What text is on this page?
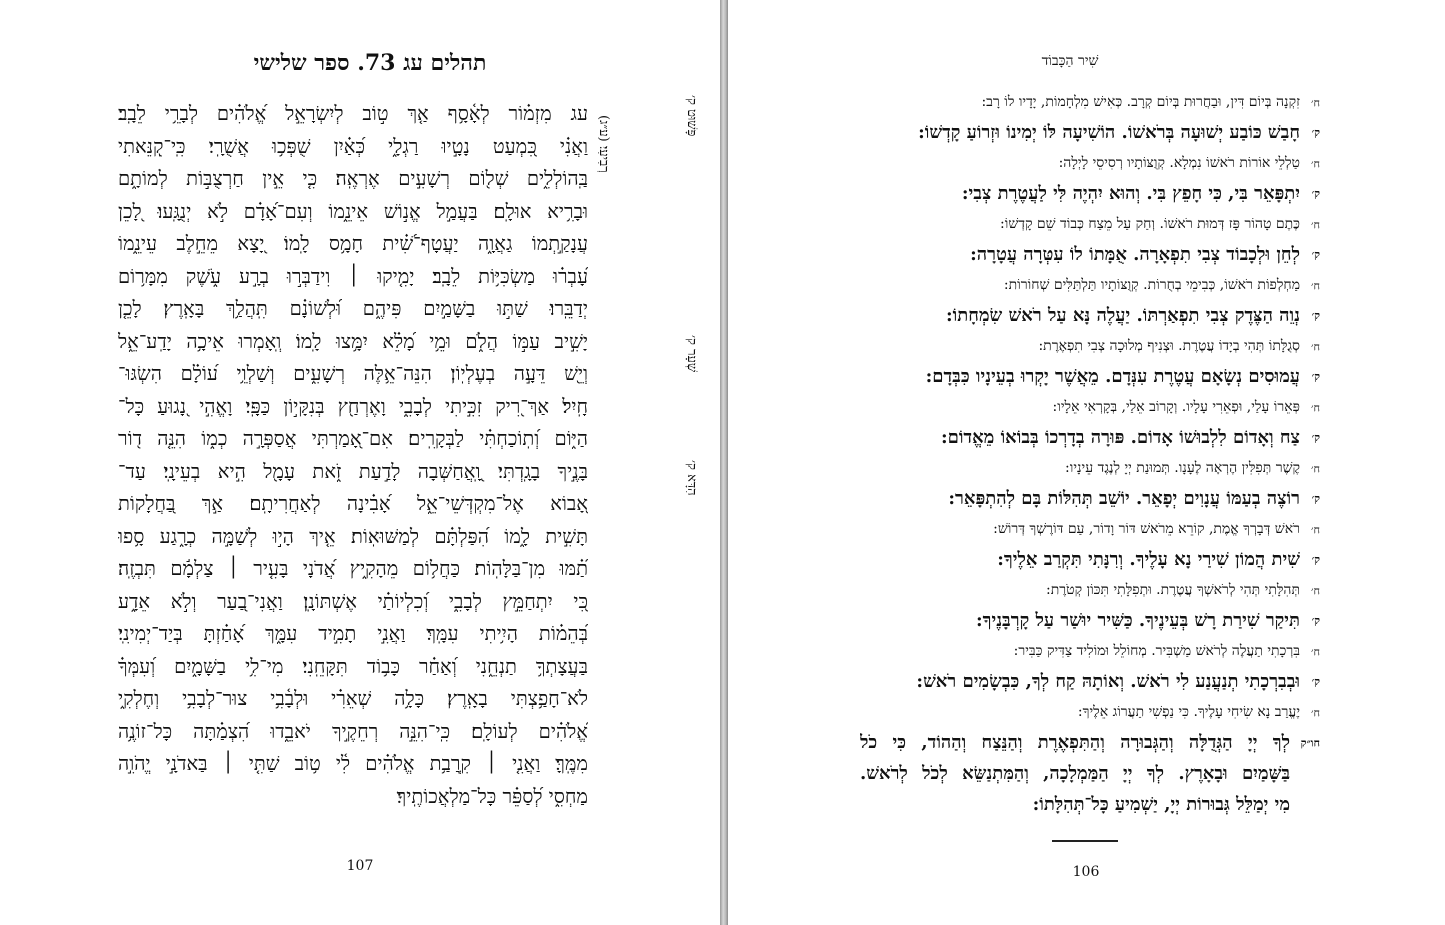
תהלים עג 73. ספר שלישי
עג מִזְמ֗וֹר לְאָ֫סָ֥ף אַ֤ךְ ט֣וֹב לְיִשְׂרָאֵ֣ל אֱ֝לֹהִ֗ים לְבָרֵ֥י לֵבָֽב׃
וַאֲנִ֗י כִּ֭מְעַט נָטָ֣יוּ רַגְלָ֑י כְּ֝אַ֗יִן שֻׁפְּכ֥וּ אֲשֻׁרָֽי׃ כִּֽי־קִ֭נֵּאתִי
בַּֽהוֹלְלִ֑ים שְׁל֖וֹם רְשָׁעִ֣ים אֶרְאֶֽה׃ כִּ֤י אֵ֣ין חַרְצֻבּ֣וֹת לְמוֹתָ֑ם
וּבָרִ֥יא אוּלָֽם׃ בַּעֲמַ֣ל אֱנ֣וֹשׁ אֵינֵ֑מוֹ וְעִם־אָ֝דָ֗ם לֹ֣א יְנֻגָּֽעוּ׃ לָ֭כֵן
עֲנָקַ֣תְמוֹ גַאֲוָ֑ה יַעֲטָף־שִׁ֝֗ית חָמָ֥ס לָֽמוֹ׃ יָ֭צָא מֵחֵ֣לֶב עֵינֵ֑מוֹ
עָ֝בְר֗וּ מַשְׂכִּיּ֥וֹת לֵבָֽב׃ יָמִ֤יקוּ ׀ וִידַבְּר֣וּ בְרָ֣ע עֹ֑שֶׁק מִמָּר֥וֹם
יְדַבֵּֽרוּ׃ שַׁתּ֣וּ בַשָּׁמַ֣יִם פִּיהֶ֑ם וּ֝לְשׁוֹנָ֗ם תִּֽהֲלַ֥ךְ בָּאָֽרֶץ׃ לָכֵ֤ן
יָשִׁ֣יב עַמּ֣וֹ הֲלֹ֑ם וּמֵ֥י מָ֝לֵ֗א יִמָּ֥צוּ לָֽמוֹ׃ וְֽאָמְרוּ אֵיכָ֥ה יָדַֽע־אֵ֑ל
וְיֵ֖שׁ דֵּעָ֣ה בְעֶלְיֽוֹן׃ הִנֵּה־אֵ֥לֶּה רְשָׁעִ֑ים וְשַׁלְוֵ֥י ע֝וֹלָ֗ם הִשְׂגּוּ־
חָֽיִל׃ אַךְ־רִ֭יק זִכִּ֣יתִי לְבָבִ֑י וָאֶרְחַ֖ץ בְּנִקָּי֣וֹן כַּפָּֽי׃ וָאֱהִ֣י נָ֭גוּעַ כָּל־
הַיּ֑וֹם וְ֝תֽוֹכַחְתִּ֗י לַבְּקָרִֽים׃ אִם־אָ֭מַרְתִּי אֲסַפְּרָ֣ה כְמ֑וֹ הִנֵּ֤ה ד֖וֹר
בָּנֶ֣יךָ בָגָֽדְתִּי׃ וָֽ֭אֲחַשְּׁבָה לָדַ֣עַת זֹ֑את עָמָ֖ל הִ֣יא בְעֵינָֽי׃ עַד־
אָ֭בוֹא אֶל־מִקְדְּשֵׁי־אֵ֑ל אָ֝בִ֗ינָה לְאַחֲרִיתָֽם׃ אַ֣ךְ בַּ֭חֲלָקוֹת
תָּשִׁ֣ית לָ֑מוֹ הִ֝פַּלְתָּ֗ם לְמַשּׁוּאֽוֹת׃ אֵ֤יךְ הָי֣וּ לְשַׁמָּ֣ה כְרָ֑גַע סָ֥פוּ
תַ֝֗מּוּ מִן־בַּלָּהֽוֹת׃ כַּחֲל֥וֹם מֵהָקִ֑יץ אֲ֝דֹנָי בָּעִ֤יר ׀ צַלְמָ֬ם תִּבְזֶֽה׃
כִּ֭י יִתְחַמֵּ֣ץ לְבָבִ֑י וְ֝כִלְיוֹתַ֗י אֶשְׁתּוֹנָֽן׃ וַאֲנִי־בַ֭עַר וְלֹ֣א אֵדָ֑ע
בְּ֝הֵמ֗וֹת הָיִ֥יתִי עִמָּֽךְ׃ וַאֲנִ֣י תָמִ֣יד עִמָּ֑ךְ אָ֝חַ֗זְתָּ בְּיַד־יְמִינִֽי׃
בַּעֲצָתְךָ֥ תַנְחֵ֑נִי וְ֝אַחַ֗ר כָּב֥וֹד תִּקָּחֵֽנִי׃ מִי־לִ֥י בַשָּׁמָ֑יִם וְ֝עִמְּךָ֗
לֹא־חָפַ֥צְתִּי בָאָֽרֶץ׃ כָּלָ֥ה שְׁאֵרִ֗י וּלְבָ֫בִ֥י צוּר־לְבָבִ֥י וְחֶלְקִ֑י
אֱ֝לֹהִ֗ים לְעוֹלָֽם׃ כִּֽי־הִנֵּ֣ה רְחֵקֶ֣יךָ יֹאבֵ֑דוּ הִ֝צְמַ֗תָּה כָּל־זוֹנֶ֥ה
מִמֶּֽךָּ׃ וַאֲנִ֤י ׀ קִֽרֲבַ֥ת אֱלֹהִ֗ים לִ֫י ט֥וֹב שַׁתִּ֤י ׀ בַּאדֹנָ֣י יֱהֹוִ֣ה
מַחְסִ֑י לְ֝סַפֵּ֗ר כָּל־מַלְאֲכוֹתֶֽיךָ׃
רְבִיעִי׃ (ע״ג)	פָּשׁוּט ק׳
שְׁעָר ק׳
הִדָּא ק׳
107
שִׁיר הַכָּבוֹד
ח׳
זִקְנָה בְּיוֹם דִּין, וּבַחֲרוּת בְּיוֹם קְרָב. כְּאִישׁ מִלְחָמוֹת, יָדָיו לוֹ רָב:
ק׳
חָבַשׁ כּוֹבַע יְשׁוּעָה בְּרֹאשׁוֹ. הוֹשִׁיעָה לּוֹ יְמִינוֹ וּזְרוֹעַ קָדְשׁוֹ:
ח׳
טַלְלֵי אוֹרוֹת רֹאשׁוֹ נִמְלָא. קְוֻצּוֹתָיו רְסִיסֵי לָיְלָה:
ק׳
יִתְפָּאֵר בִּי, כִּי חָפֵץ בִּי. וְהוּא יִהְיֶה לִּי לַעֲטֶרֶת צְבִי:
ח׳
כֶּתֶם טָהוֹר פָּז דְּמוּת רֹאשׁוֹ. וְחַק עַל מֵצַח כְּבוֹד שֵׁם קָדְשׁוֹ:
ק׳
לְחֵן וּלְכָבוֹד צְבִי תִפְאָרָה. אֻמָּתוֹ לוֹ עִטְּרָה עֲטָרָה:
ח׳
מַחְלְפוֹת רֹאשׁוֹ, כְּבִימֵי בְחֻרוֹת. קְוֻצּוֹתָיו תַּלְתַּלִּים שְׁחוֹרוֹת:
ק׳
נְוֵה הַצֶּדֶק צְבִי תִפְאַרְתּוֹ. יַעֲלֶה נָּא עַל רֹאשׁ שִׂמְחָתוֹ:
ח׳
סְגֻלָּתוֹ תְּהִי בְיָדוֹ עֲטֶרֶת. וּצְנִיף מְלוּכָה צְבִי תִפְאֶרֶת:
ק׳
עֲמוּסִים נְשָׂאָם עֲטֶרֶת עִנְּדָם. מֵאֲשֶׁר יָקְרוּ בְעֵינָיו כִּבְּדָם:
ח׳
פְּאֵרוֹ עָלַי, וּפְאֵרִי עָלָיו. וְקָרוֹב אֵלַי, בְּקָרְאִי אֵלָיו:
ק׳
צַח וְאָדוֹם לִלְבוּשׁוֹ אָדוֹם. פּוּרָה בְדָרְכוֹ בְּבוֹאוֹ מֵאֱדוֹם:
ח׳
קֶשֶׁר תְּפִלִּין הֶרְאָה לֶעָנָו. תְּמוּנַת יְיָ לְנֶגֶד עֵינָיו:
ק׳
רוֹצֶה בְעַמּוֹ עֲנָוִים יְפָאֵר. יוֹשֵׁב תְּהִלּוֹת בָּם לְהִתְפָּאֵר:
ח׳
רֹאשׁ דְּבָרְךָ אֱמֶת, קוֹרֵא מֵרֹאשׁ דּוֹר וָדוֹר, עַם דּוֹרֶשְׁךָ דְּרוֹשׁ:
ק׳
שִׁית הֲמוֹן שִׁירַי נָא עָלֶיךָ. וְרִנָּתִי תִּקְרַב אֵלֶיךָ:
ח׳
תְּהִלָּתִי תְּהִי לְרֹאשְׁךָ עֲטֶרֶת. וּתְפִלָּתִי תִּכּוֹן קְטֹרֶת:
ק׳
תִּיקַר שִׁירַת רָשׁ בְּעֵינֶיךָ. כַּשִּׁיר יוּשַׁר עַל קָרְבָּנֶיךָ:
ח׳
בִּרְכָתִי תַעֲלֶה לְרֹאשׁ מַשְׁבִּיר. מְחוֹלֵל וּמוֹלִיד צַדִּיק כַּבִּיר:
ק׳
וּבְבִרְכָתִי תְנַעֲנַע לִי רֹאשׁ. וְאוֹתָהּ קַח לְךָ, כִּבְשָׂמִים רֹאשׁ:
ח׳
יֶעֱרַב נָא שִׂיחִי עָלֶיךָ. כִּי נַפְשִׁי תַעֲרוֹג אֵלֶיךָ:
חו״ק
לְךָ יְיָ הַגְּדֻלָּה וְהַגְּבוּרָה וְהַתִּפְאֶרֶת וְהַנֵּצַח וְהַהוֹד, כִּי כֹל
בַּשָּׁמַיִם וּבָאָרֶץ. לְךָ יְיָ הַמַּמְלָכָה, וְהַמִּתְנַשֵּׂא לְכֹל לְרֹאשׁ.
מִי יְמַלֵּל גְּבוּרוֹת יְיָ, יַשְׁמִיעַ כָּל־תְּהִלָּתוֹ:
106
